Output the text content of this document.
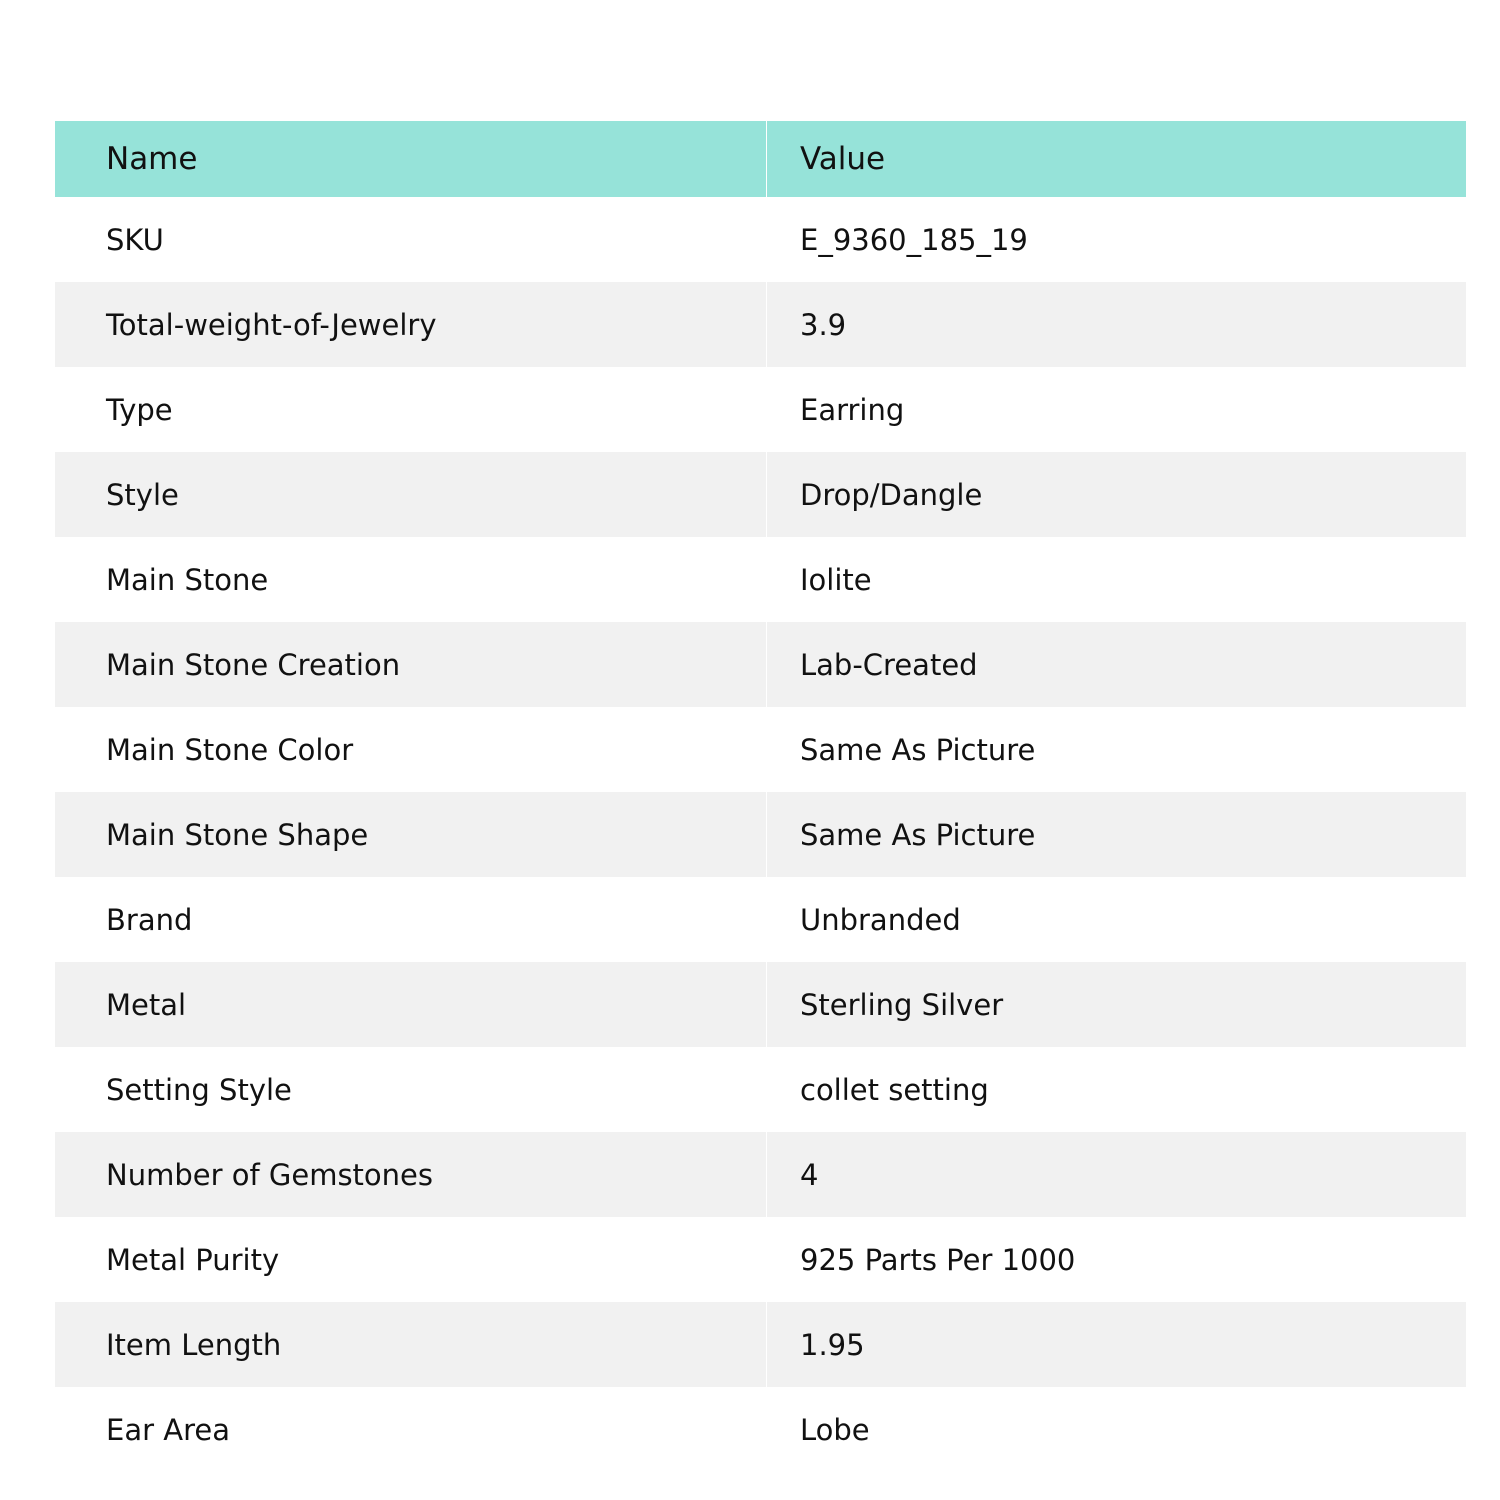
Name	Value
SKU	E_9360_185_19
Total-weight-of-Jewelry	3.9
Type	Earring
Style	Drop/Dangle
Main Stone	Iolite
Main Stone Creation	Lab-Created
Main Stone Color	Same As Picture
Main Stone Shape	Same As Picture
Brand	Unbranded
Metal	Sterling Silver
Setting Style	collet setting
Number of Gemstones	4
Metal Purity	925 Parts Per 1000
Item Length	1.95
Ear Area	Lobe
